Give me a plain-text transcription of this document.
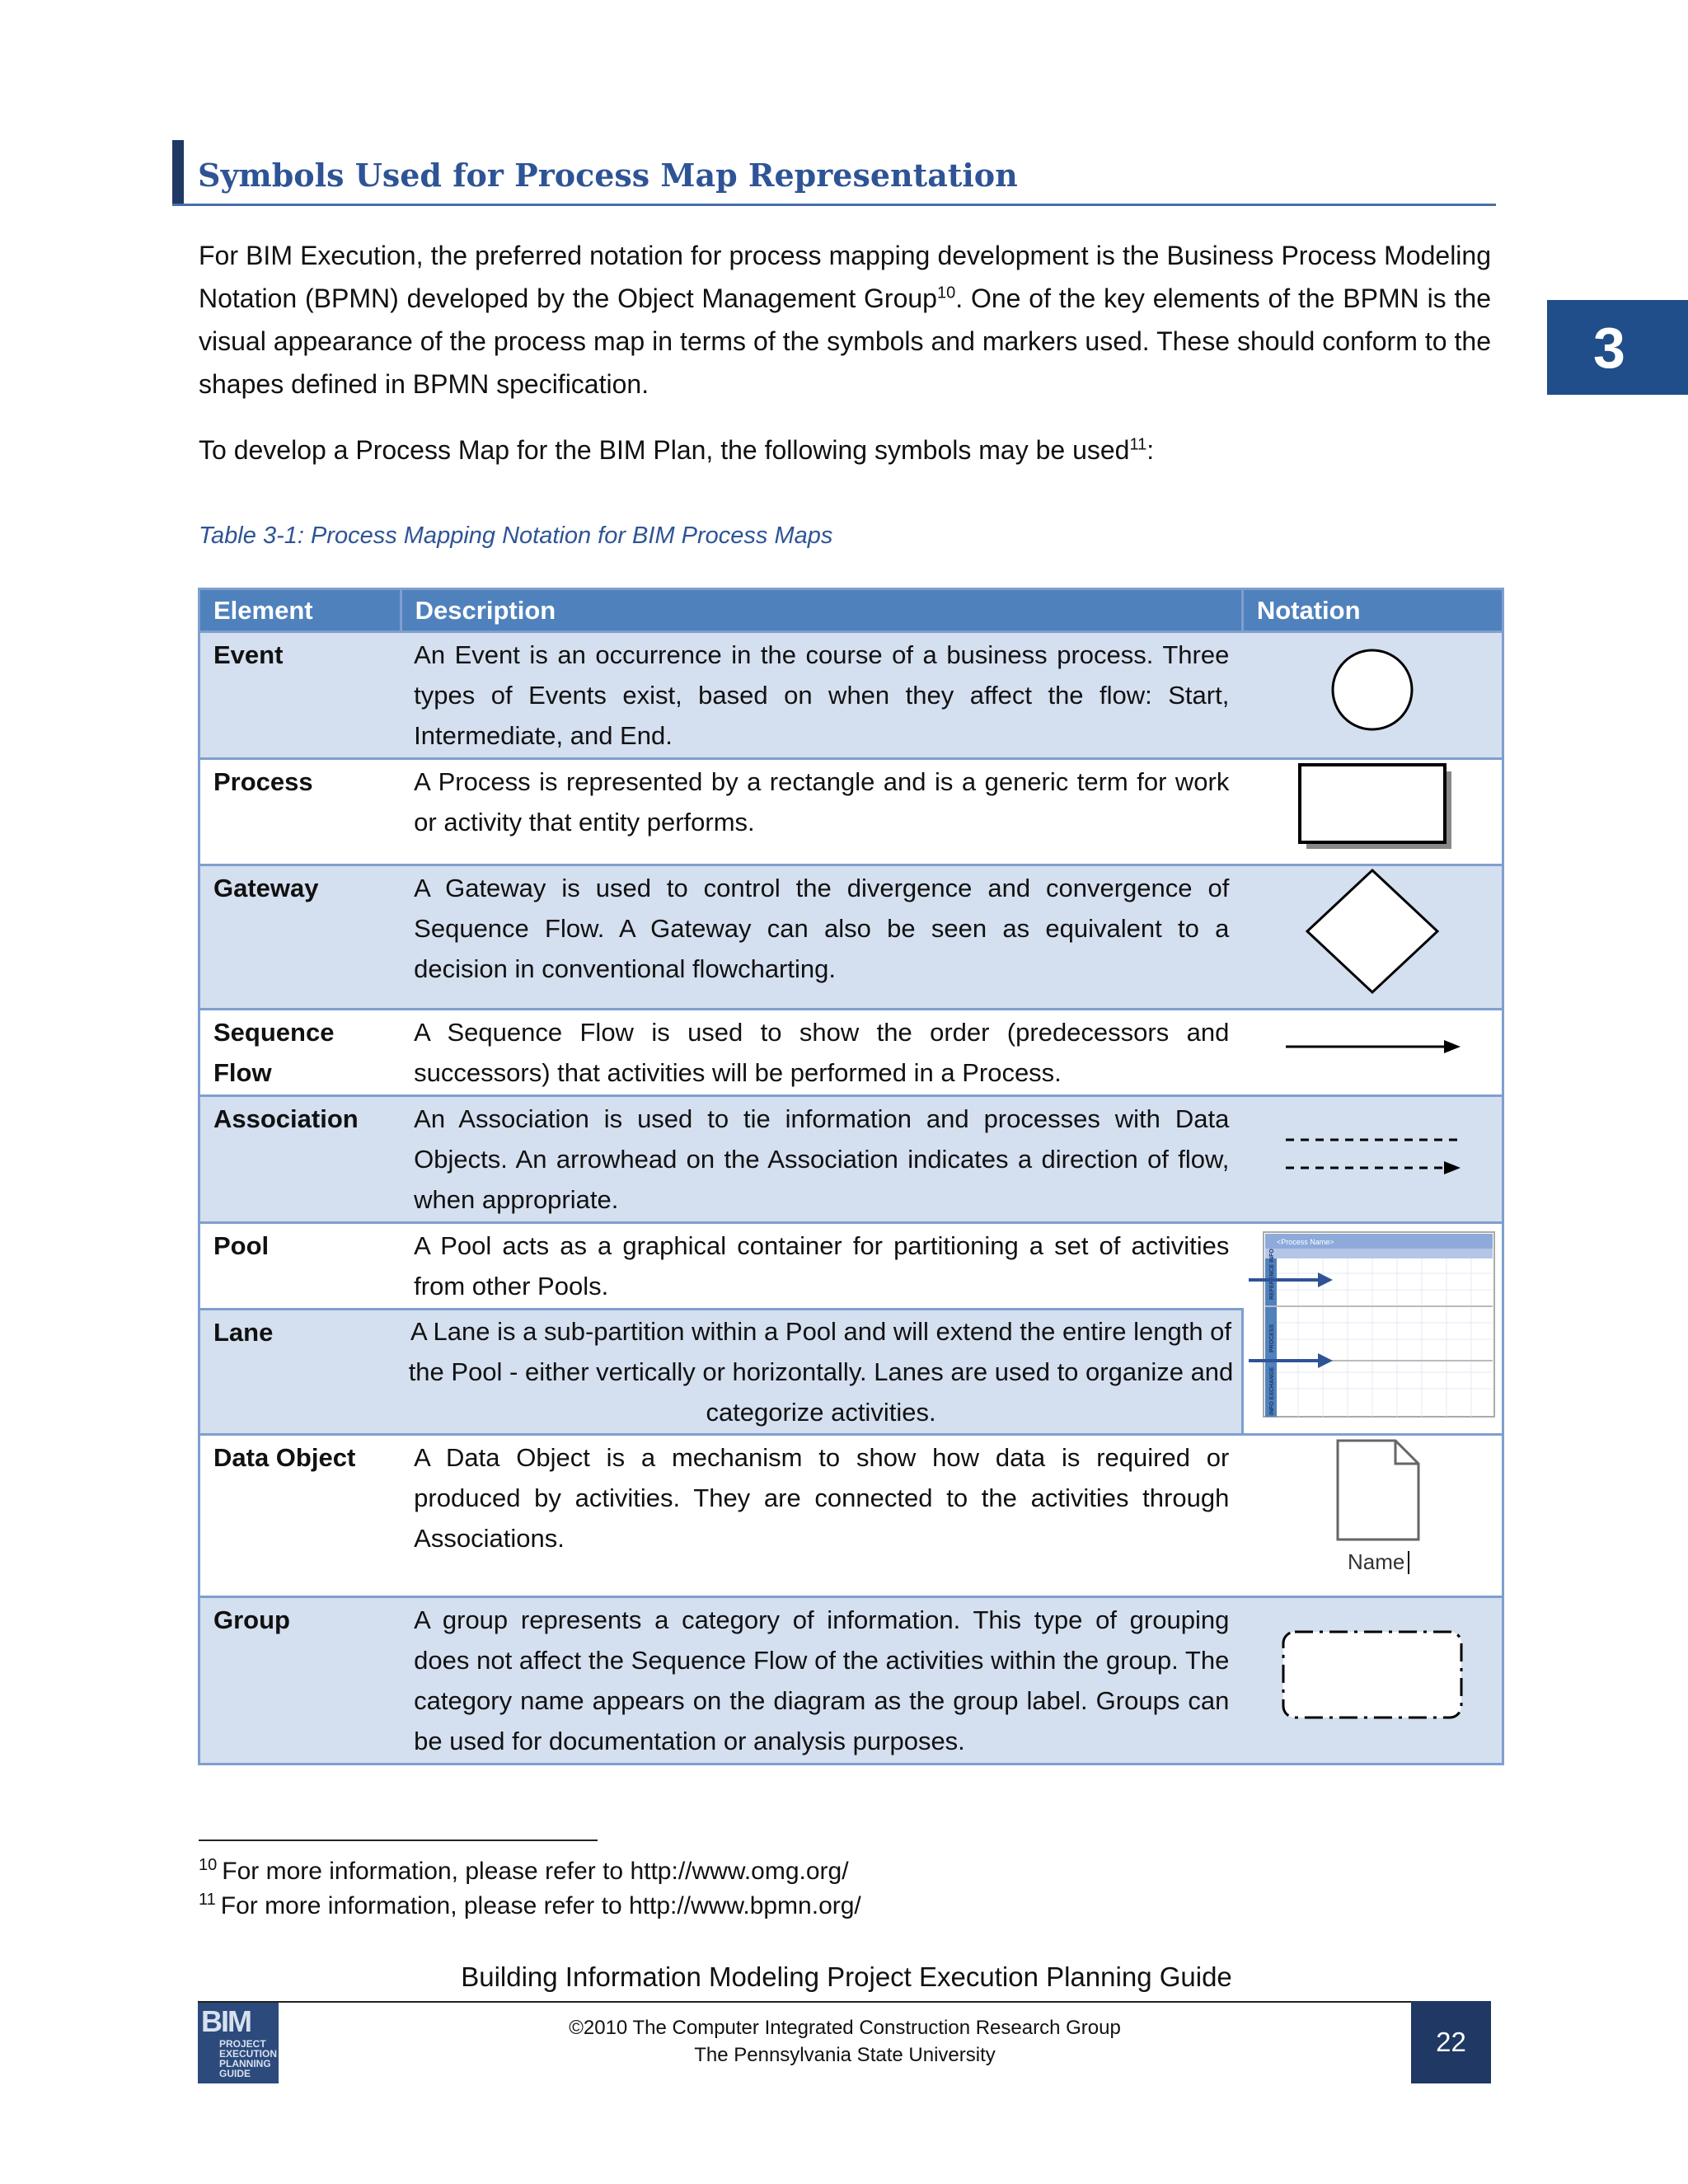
Symbols Used for Process Map Representation
3

For BIM Execution, the preferred notation for process mapping development is the Business Process Modeling Notation (BPMN) developed by the Object Management Group$^{10}$. One of the key elements of the BPMN is the visual appearance of the process map in terms of the symbols and markers used. These should conform to the shapes defined in BPMN specification.

To develop a Process Map for the BIM Plan, the following symbols may be used$^{11}$:

Table 3-1: Process Mapping Notation for BIM Process Maps

Element	Description	Notation
Event	An Event is an occurrence in the course of a business process. Three types of Events exist, based on when they affect the flow: Start, Intermediate, and End.	
Process	A Process is represented by a rectangle and is a generic term for work or activity that entity performs.	
Gateway	A Gateway is used to control the divergence and convergence of Sequence Flow. A Gateway can also be seen as equivalent to a decision in conventional flowcharting.	
Sequence Flow	A Sequence Flow is used to show the order (predecessors and successors) that activities will be performed in a Process.	
Association	An Association is used to tie information and processes with Data Objects. An arrowhead on the Association indicates a direction of flow, when appropriate.	
Pool	A Pool acts as a graphical container for partitioning a set of activities from other Pools.	<Process Name>
REFERENCE INFO
PROCESS
INFO EXCHANGE

Lane	A Lane is a sub-partition within a Pool and will extend the entire length of the Pool - either vertically or horizontally. Lanes are used to organize and categorize activities.	
Data Object	A Data Object is a mechanism to show how data is required or produced by activities. They are connected to the activities through Associations.	Name

Group	A group represents a category of information. This type of grouping does not affect the Sequence Flow of the activities within the group. The category name appears on the diagram as the group label. Groups can be used for documentation or analysis purposes.	

$^{10}$ For more information, please refer to http://www.omg.org/

$^{11}$ For more information, please refer to http://www.bpmn.org/

Building Information Modeling Project Execution Planning Guide

BIM
PROJECT
EXECUTION
PLANNING
GUIDE
©2010 The Computer Integrated Construction Research Group
The Pennsylvania State University	22
